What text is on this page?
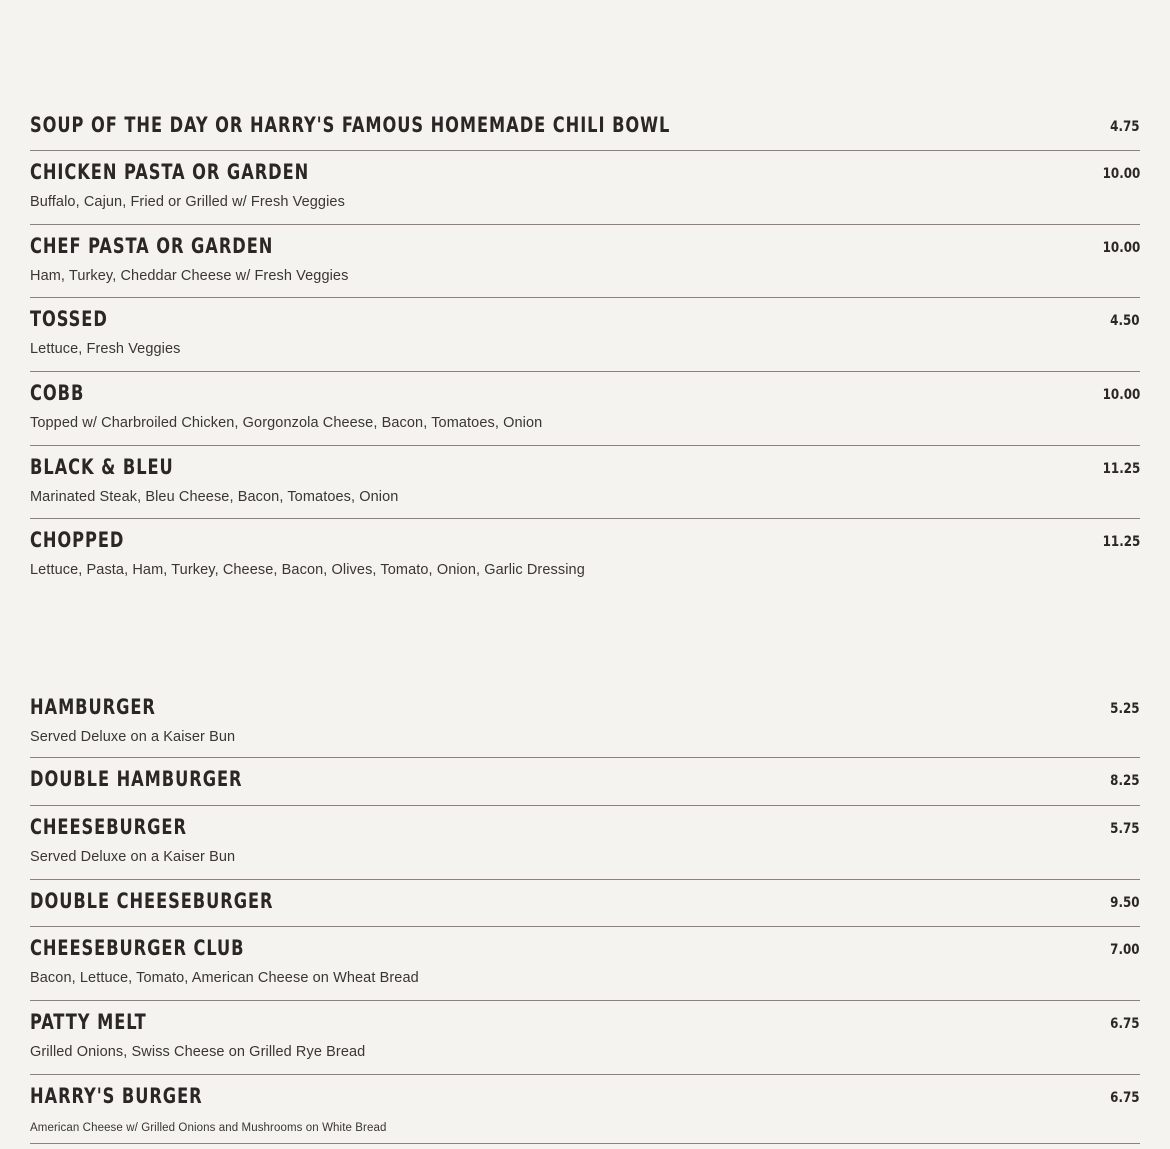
SOUP OF THE DAY OR HARRY'S FAMOUS HOMEMADE CHILI BOWL	4.75
CHICKEN PASTA OR GARDEN	10.00
Buffalo, Cajun, Fried or Grilled w/ Fresh Veggies
CHEF PASTA OR GARDEN	10.00
Ham, Turkey, Cheddar Cheese w/ Fresh Veggies
TOSSED	4.50
Lettuce, Fresh Veggies
COBB	10.00
Topped w/ Charbroiled Chicken, Gorgonzola Cheese, Bacon, Tomatoes, Onion
BLACK & BLEU	11.25
Marinated Steak, Bleu Cheese, Bacon, Tomatoes, Onion
CHOPPED	11.25
Lettuce, Pasta, Ham, Turkey, Cheese, Bacon, Olives, Tomato, Onion, Garlic Dressing
HAMBURGER	5.25
Served Deluxe on a Kaiser Bun
DOUBLE HAMBURGER	8.25
CHEESEBURGER	5.75
Served Deluxe on a Kaiser Bun
DOUBLE CHEESEBURGER	9.50
CHEESEBURGER CLUB	7.00
Bacon, Lettuce, Tomato, American Cheese on Wheat Bread
PATTY MELT	6.75
Grilled Onions, Swiss Cheese on Grilled Rye Bread
HARRY'S BURGER	6.75
American Cheese w/ Grilled Onions and Mushrooms on White Bread
